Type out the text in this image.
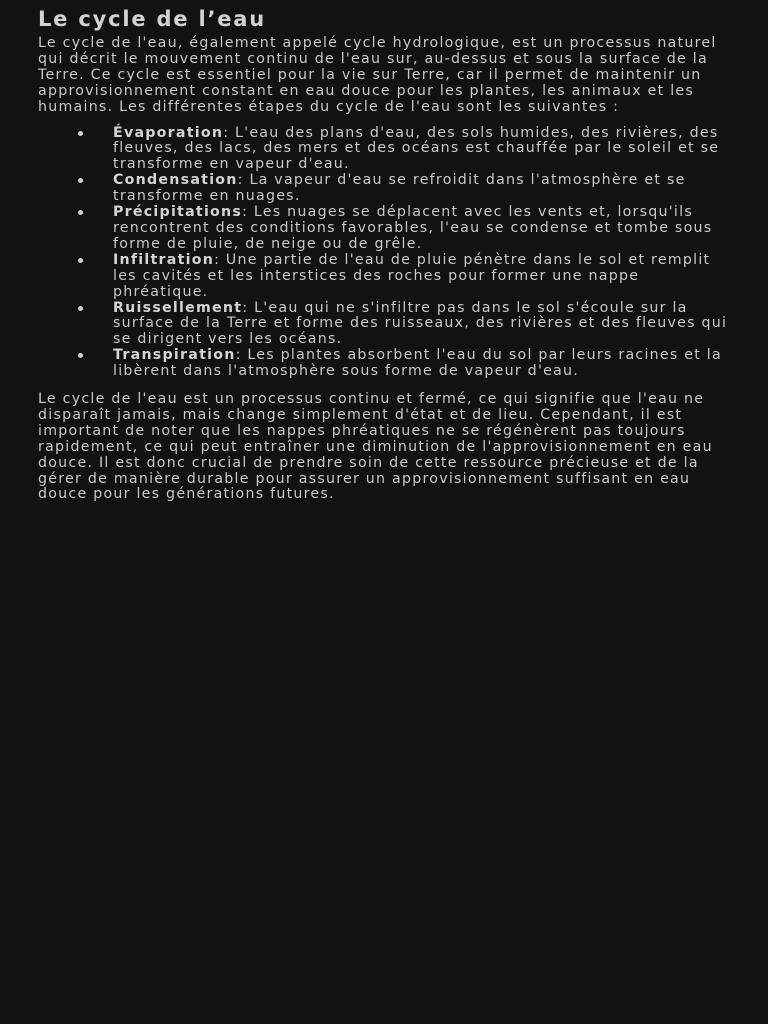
Le cycle de l’eau

Le cycle de l'eau, également appelé cycle hydrologique, est un processus naturel qui décrit le mouvement continu de l'eau sur, au-dessus et sous la surface de la Terre. Ce cycle est essentiel pour la vie sur Terre, car il permet de maintenir un approvisionnement constant en eau douce pour les plantes, les animaux et les humains. Les différentes étapes du cycle de l'eau sont les suivantes :

Évaporation: L'eau des plans d'eau, des sols humides, des rivières, des fleuves, des lacs, des mers et des océans est chauffée par le soleil et se transforme en vapeur d'eau.
Condensation: La vapeur d'eau se refroidit dans l'atmosphère et se transforme en nuages.
Précipitations: Les nuages se déplacent avec les vents et, lorsqu'ils rencontrent des conditions favorables, l'eau se condense et tombe sous forme de pluie, de neige ou de grêle.
Infiltration: Une partie de l'eau de pluie pénètre dans le sol et remplit les cavités et les interstices des roches pour former une nappe phréatique.
Ruissellement: L'eau qui ne s'infiltre pas dans le sol s'écoule sur la surface de la Terre et forme des ruisseaux, des rivières et des fleuves qui se dirigent vers les océans.
Transpiration: Les plantes absorbent l'eau du sol par leurs racines et la libèrent dans l'atmosphère sous forme de vapeur d'eau.

Le cycle de l'eau est un processus continu et fermé, ce qui signifie que l'eau ne disparaît jamais, mais change simplement d'état et de lieu. Cependant, il est important de noter que les nappes phréatiques ne se régénèrent pas toujours rapidement, ce qui peut entraîner une diminution de l'approvisionnement en eau douce. Il est donc crucial de prendre soin de cette ressource précieuse et de la gérer de manière durable pour assurer un approvisionnement suffisant en eau douce pour les générations futures.
